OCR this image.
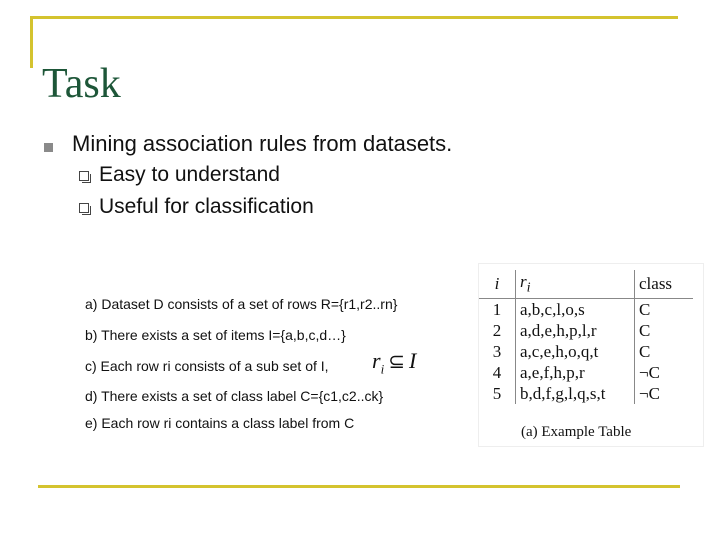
Task
Mining association rules from datasets.
Easy to understand
Useful for classification
a) Dataset D consists of a set of rows R={r1,r2..rn}
b) There exists a set of items I={a,b,c,d…}
c) Each row ri consists of a sub set of I,
d) There exists a set of class label C={c1,c2..ck}
e) Each row ri contains a class label from C
$r_i$ ⊆ I
i	$r_i$	class
1	a,b,c,l,o,s	C
2	a,d,e,h,p,l,r	C
3	a,c,e,h,o,q,t	C
4	a,e,f,h,p,r	¬C
5	b,d,f,g,l,q,s,t	¬C
(a) Example Table
